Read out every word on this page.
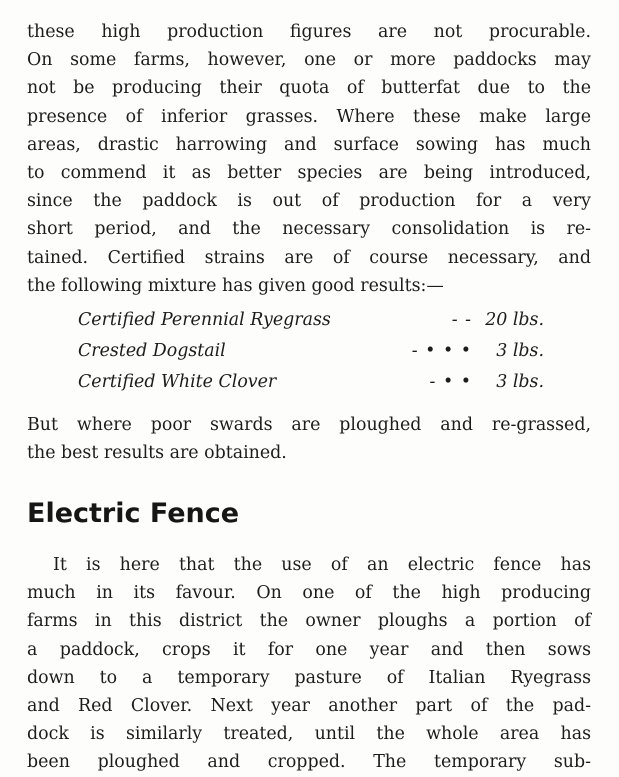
these high production figures are not procurable.
On some farms, however, one or more paddocks may
not be producing their quota of butterfat due to the
presence of inferior grasses. Where these make large
areas, drastic harrowing and surface sowing has much
to commend it as better species are being introduced,
since the paddock is out of production for a very
short period, and the necessary consolidation is re-
tained. Certified strains are of course necessary, and
the following mixture has given good results:—
Certified Perennial Ryegrass	- - 20 lbs.
Crested Dogstail	- • • • 3 lbs.
Certified White Clover	- • • 3 lbs.
But where poor swards are ploughed and re-grassed,
the best results are obtained.
Electric Fence
It is here that the use of an electric fence has
much in its favour. On one of the high producing
farms in this district the owner ploughs a portion of
a paddock, crops it for one year and then sows
down to a temporary pasture of Italian Ryegrass
and Red Clover. Next year another part of the pad-
dock is similarly treated, until the whole area has
been ploughed and cropped. The temporary sub-
